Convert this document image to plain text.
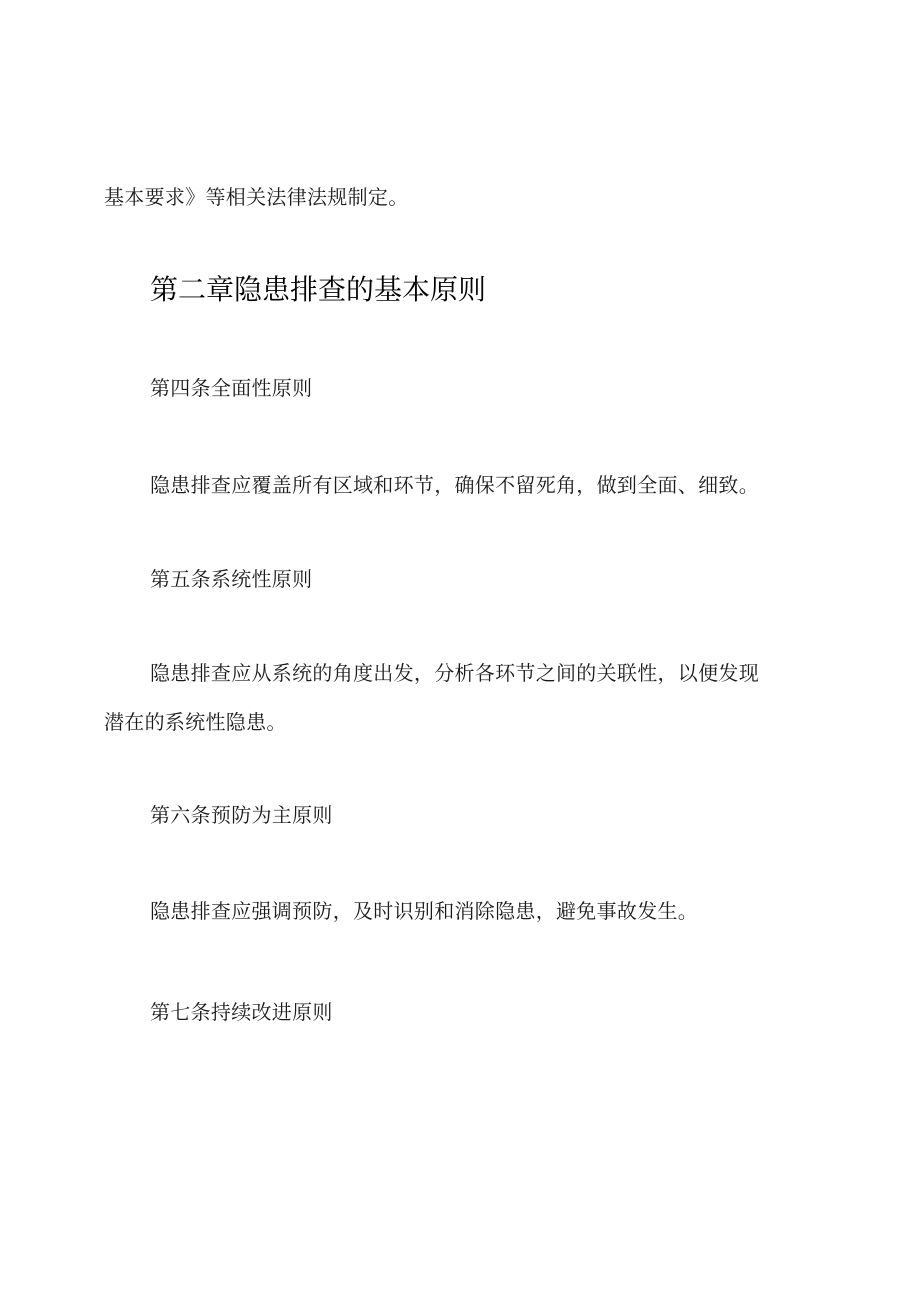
基本要求》等相关法律法规制定。
第二章隐患排查的基本原则
第四条全面性原则
隐患排查应覆盖所有区域和环节，确保不留死角，做到全面、细致。
第五条系统性原则
隐患排查应从系统的角度出发，分析各环节之间的关联性，以便发现
潜在的系统性隐患。
第六条预防为主原则
隐患排查应强调预防，及时识别和消除隐患，避免事故发生。
第七条持续改进原则
